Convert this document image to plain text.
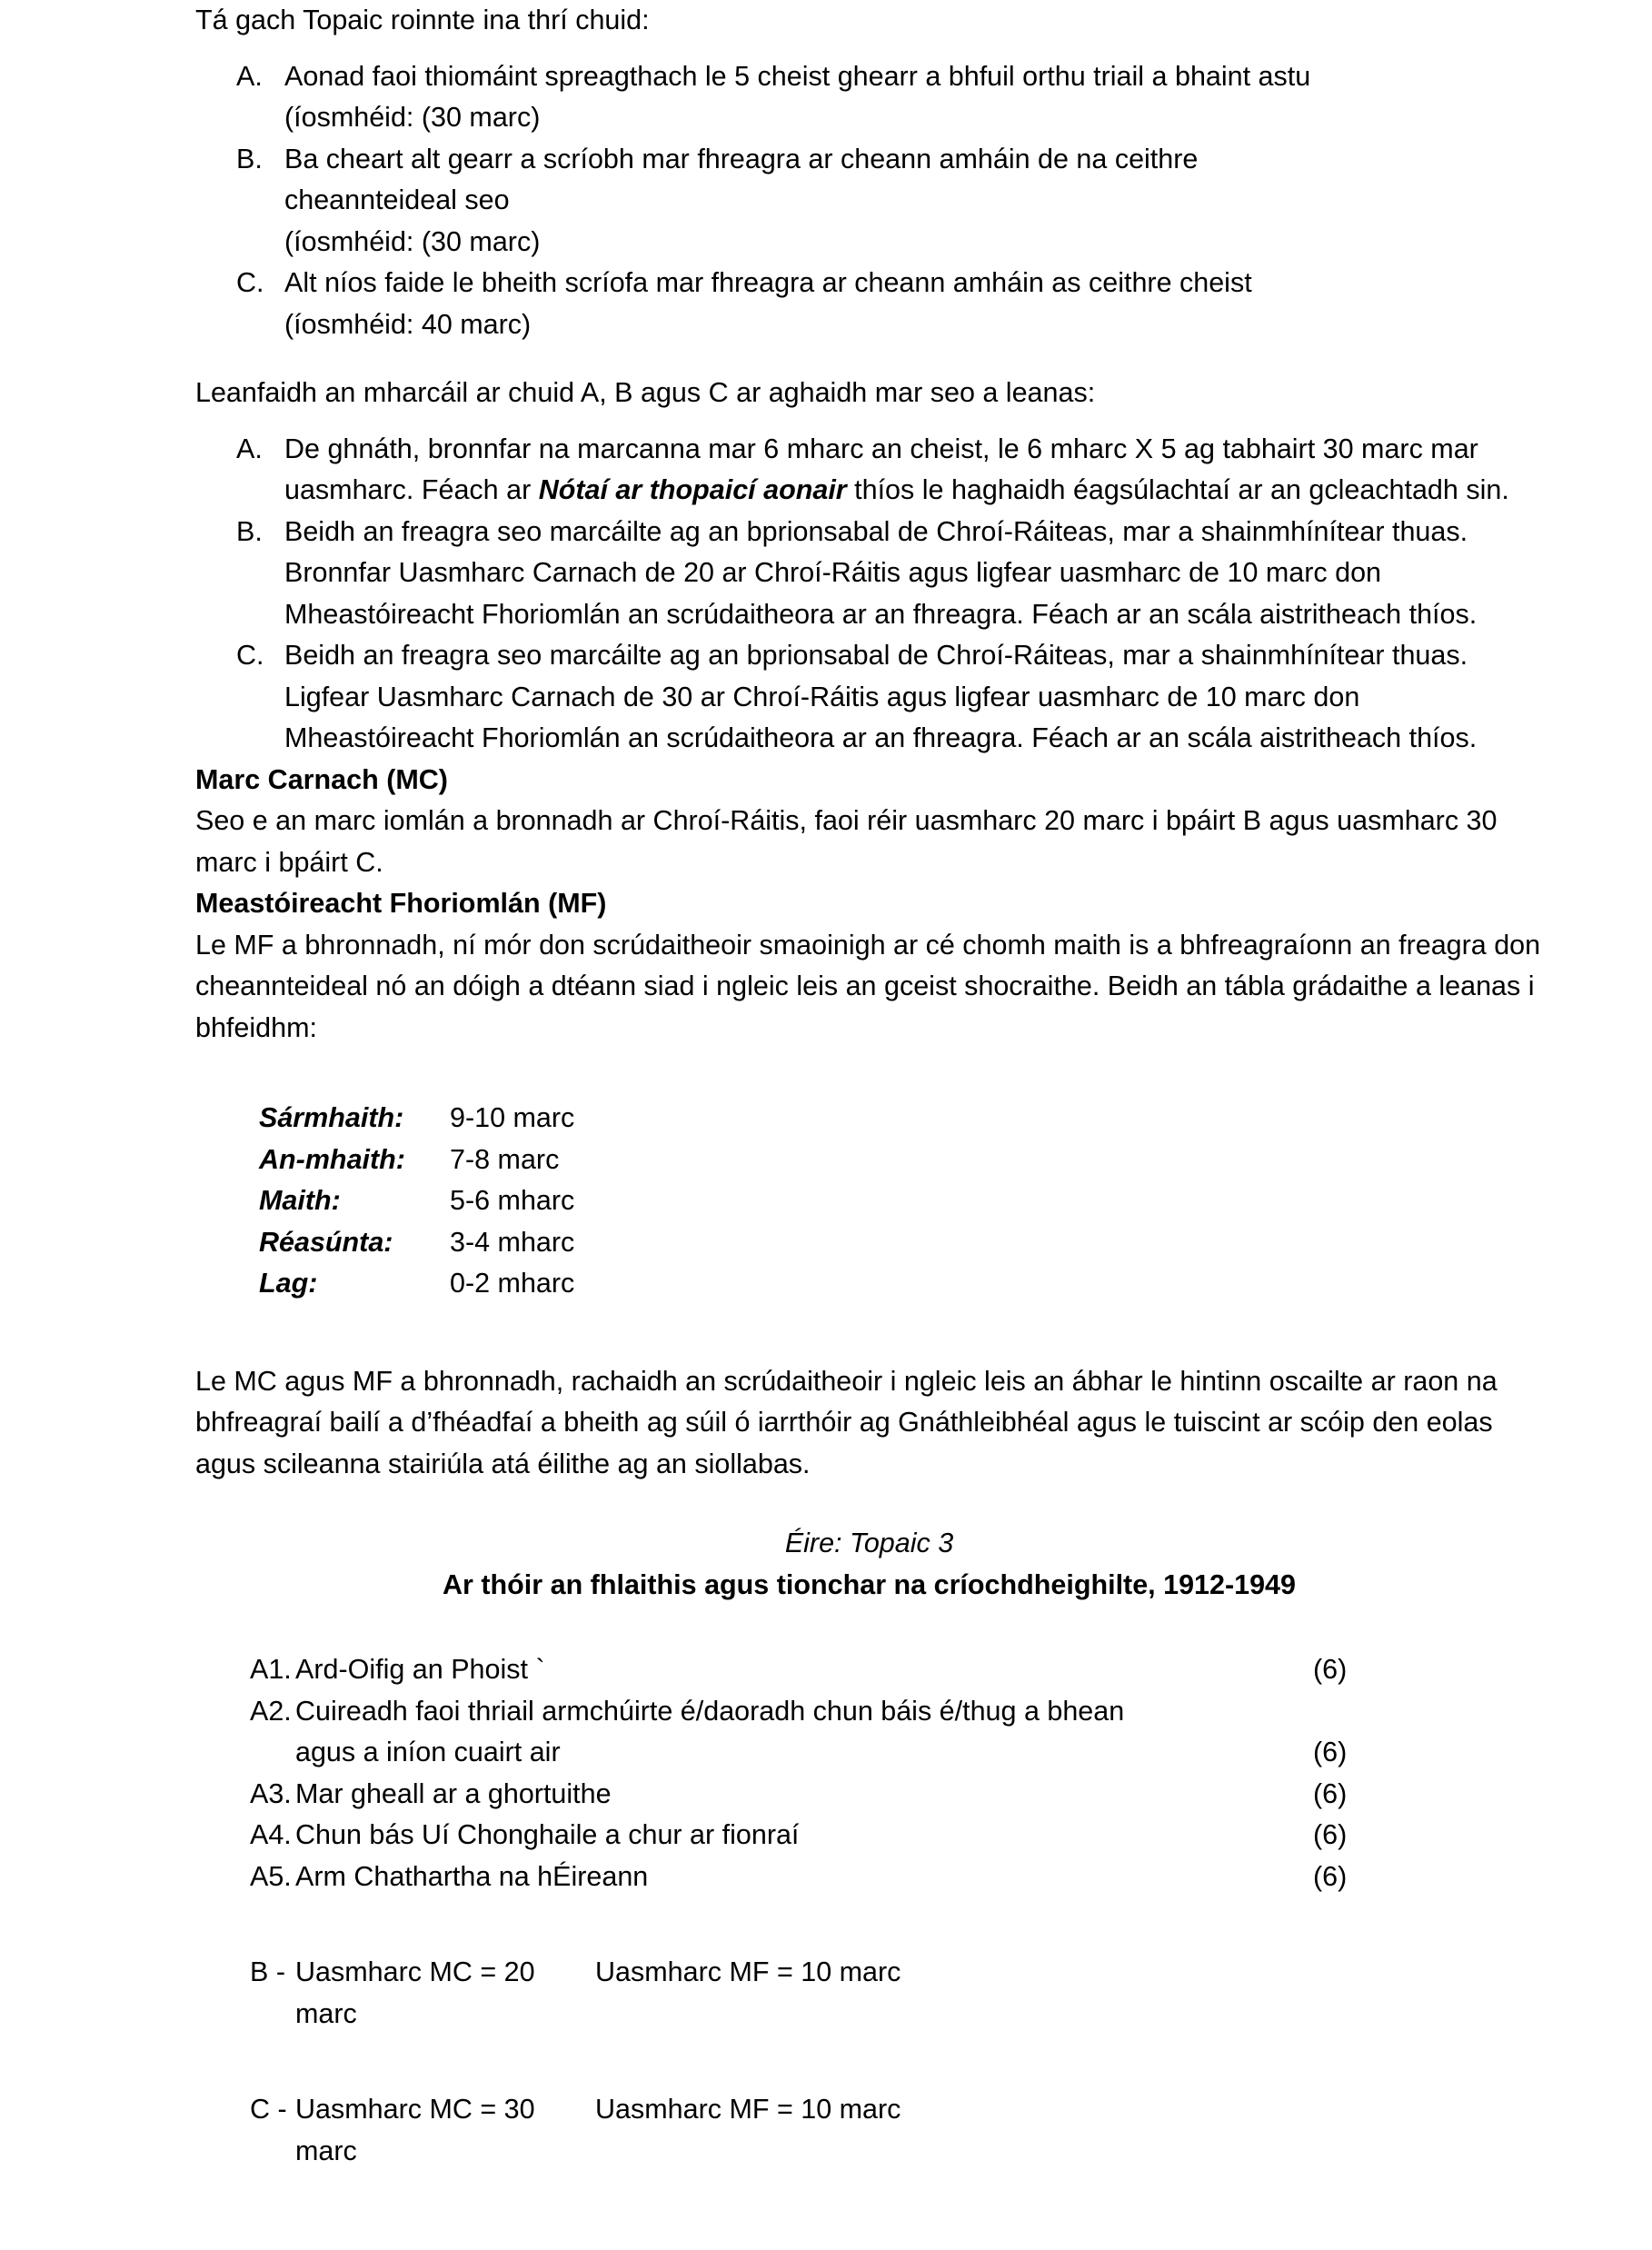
Tá gach Topaic roinnte ina thrí chuid:

A. Aonad faoi thiomáint spreagthach le 5 cheist ghearr a bhfuil orthu triail a bhaint astu
(íosmhéid: (30 marc)
B. Ba cheart alt gearr a scríobh mar fhreagra ar cheann amháin de na ceithre
cheannteideal seo
(íosmhéid: (30 marc)
C. Alt níos faide le bheith scríofa mar fhreagra ar cheann amháin as ceithre cheist
(íosmhéid: 40 marc)

Leanfaidh an mharcáil ar chuid A, B agus C ar aghaidh mar seo a leanas:

A. De ghnáth, bronnfar na marcanna mar 6 mharc an cheist, le 6 mharc X 5 ag tabhairt 30 marc mar uasmharc. Féach ar Nótaí ar thopaicí aonair thíos le haghaidh éagsúlachtaí ar an gcleachtadh sin.
B. Beidh an freagra seo marcáilte ag an bprionsabal de Chroí-Ráiteas, mar a shainmhínítear thuas.
Bronnfar Uasmharc Carnach de 20 ar Chroí-Ráitis agus ligfear uasmharc de 10 marc don Mheastóireacht Fhoriomlán an scrúdaitheora ar an fhreagra. Féach ar an scála aistritheach thíos.
C. Beidh an freagra seo marcáilte ag an bprionsabal de Chroí-Ráiteas, mar a shainmhínítear thuas.
Ligfear Uasmharc Carnach de 30 ar Chroí-Ráitis agus ligfear uasmharc de 10 marc don Mheastóireacht Fhoriomlán an scrúdaitheora ar an fhreagra. Féach ar an scála aistritheach thíos.

Marc Carnach (MC)

Seo e an marc iomlán a bronnadh ar Chroí-Ráitis, faoi réir uasmharc 20 marc i bpáirt B agus uasmharc 30 marc i bpáirt C.

Meastóireacht Fhoriomlán (MF)

Le MF a bhronnadh, ní mór don scrúdaitheoir smaoinigh ar cé chomh maith is a bhfreagraíonn an freagra don cheannteideal nó an dóigh a dtéann siad i ngleic leis an gceist shocraithe. Beidh an tábla grádaithe a leanas i bhfeidhm:

Sármhaith:	9-10 marc
An-mhaith:	7-8 marc
Maith:	5-6 mharc
Réasúnta:	3-4 mharc
Lag:	0-2 mharc

Le MC agus MF a bhronnadh, rachaidh an scrúdaitheoir i ngleic leis an ábhar le hintinn oscailte ar raon na bhfreagraí bailí a d’fhéadfaí a bheith ag súil ó iarrthóir ag Gnáthleibhéal agus le tuiscint ar scóip den eolas agus scileanna stairiúla atá éilithe ag an siollabas.

Éire: Topaic 3
Ar thóir an fhlaithis agus tionchar na críochdheighilte, 1912-1949
A1. Ard-Oifig an Phoist `	(6)
A2. Cuireadh faoi thriail armchúirte é/daoradh chun báis é/thug a bhean
agus a iníon cuairt air	(6)
A3. Mar gheall ar a ghortuithe	(6)
A4. Chun bás Uí Chonghaile a chur ar fionraí	(6)
A5. Arm Chathartha na hÉireann	(6)
B - Uasmharc MC = 20 marc
Uasmharc MF = 10 marc
C - Uasmharc MC = 30 marc
Uasmharc MF = 10 marc
